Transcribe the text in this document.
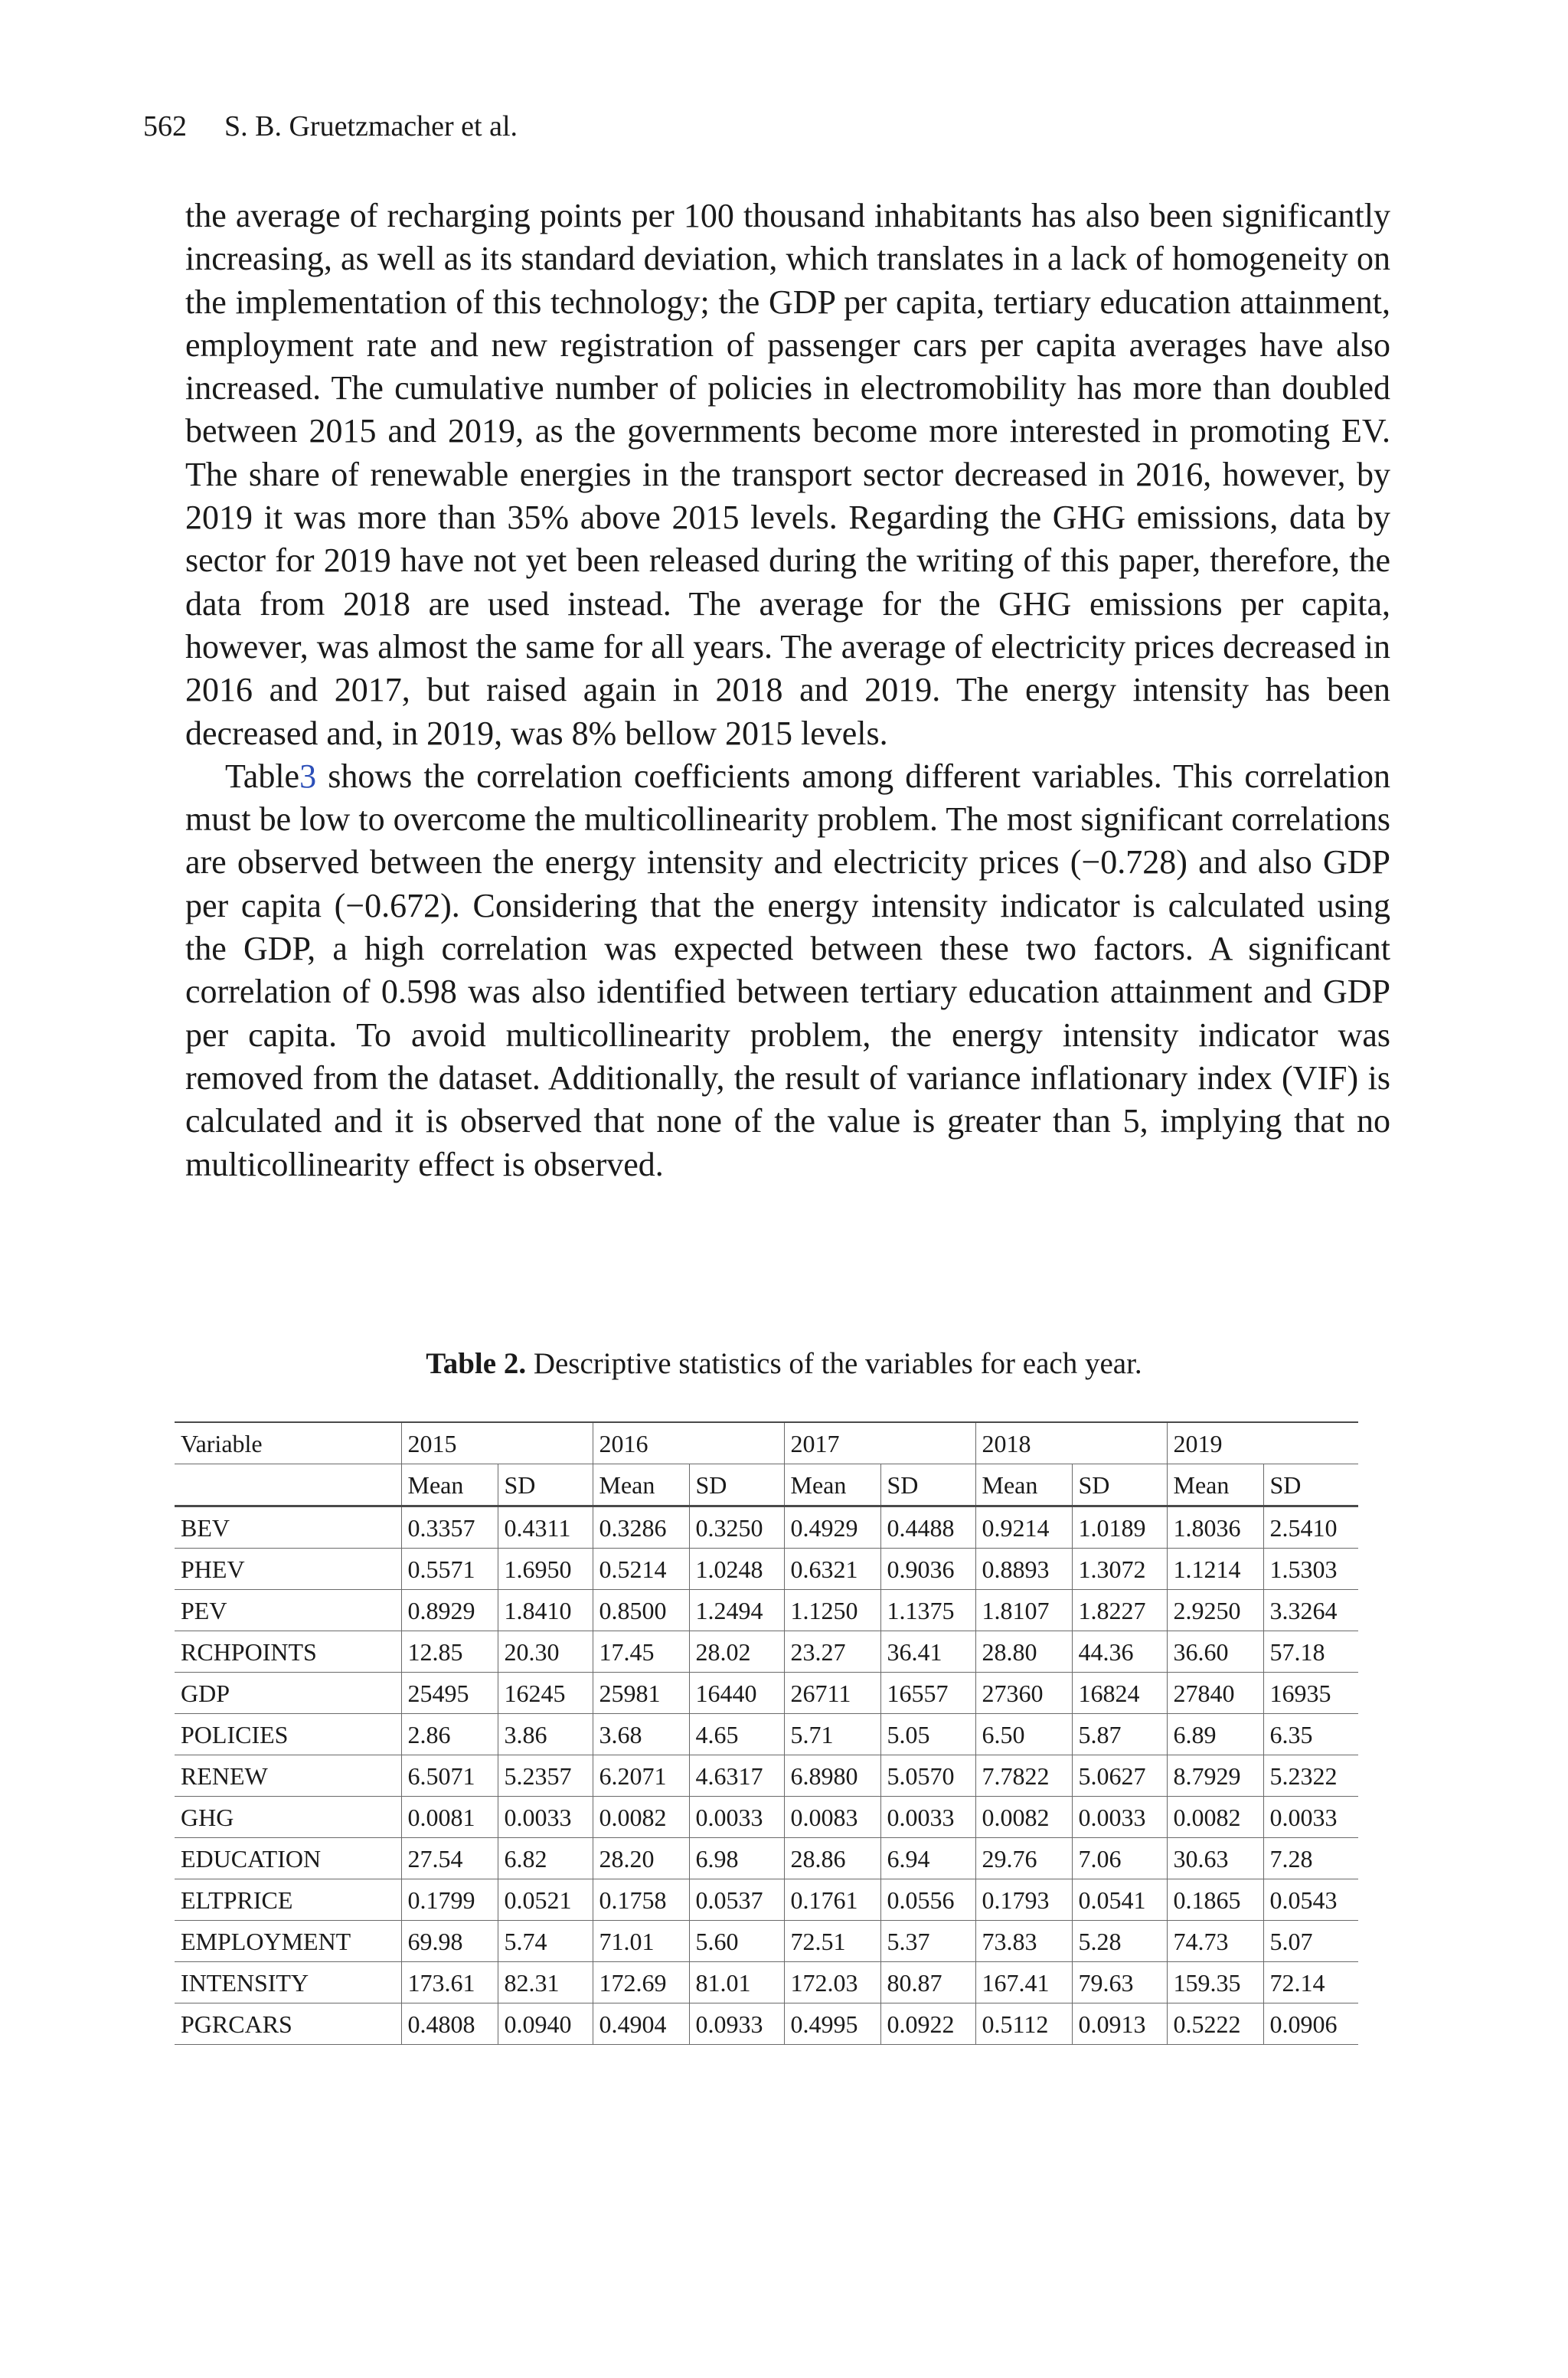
562 S. B. Gruetzmacher et al.

the average of recharging points per 100 thousand inhabitants has also been significantly increasing, as well as its standard deviation, which translates in a lack of homogeneity on the implementation of this technology; the GDP per capita, tertiary education attainment, employment rate and new registration of passenger cars per capita averages have also increased. The cumulative number of policies in electromobility has more than doubled between 2015 and 2019, as the governments become more interested in promoting EV. The share of renewable energies in the transport sector decreased in 2016, however, by 2019 it was more than 35% above 2015 levels. Regarding the GHG emissions, data by sector for 2019 have not yet been released during the writing of this paper, therefore, the data from 2018 are used instead. The average for the GHG emissions per capita, however, was almost the same for all years. The average of electricity prices decreased in 2016 and 2017, but raised again in 2018 and 2019. The energy intensity has been decreased and, in 2019, was 8% bellow 2015 levels.

Table3 shows the correlation coefficients among different variables. This correlation must be low to overcome the multicollinearity problem. The most significant correlations are observed between the energy intensity and electricity prices (−0.728) and also GDP per capita (−0.672). Considering that the energy intensity indicator is calculated using the GDP, a high correlation was expected between these two factors. A significant correlation of 0.598 was also identified between tertiary education attainment and GDP per capita. To avoid multicollinearity problem, the energy intensity indicator was removed from the dataset. Additionally, the result of variance inflationary index (VIF) is calculated and it is observed that none of the value is greater than 5, implying that no multicollinearity effect is observed.

Table 2. Descriptive statistics of the variables for each year.
Variable	2015		2016		2017		2018		2019	
	Mean	SD	Mean	SD	Mean	SD	Mean	SD	Mean	SD
BEV	0.3357	0.4311	0.3286	0.3250	0.4929	0.4488	0.9214	1.0189	1.8036	2.5410
PHEV	0.5571	1.6950	0.5214	1.0248	0.6321	0.9036	0.8893	1.3072	1.1214	1.5303
PEV	0.8929	1.8410	0.8500	1.2494	1.1250	1.1375	1.8107	1.8227	2.9250	3.3264
RCHPOINTS	12.85	20.30	17.45	28.02	23.27	36.41	28.80	44.36	36.60	57.18
GDP	25495	16245	25981	16440	26711	16557	27360	16824	27840	16935
POLICIES	2.86	3.86	3.68	4.65	5.71	5.05	6.50	5.87	6.89	6.35
RENEW	6.5071	5.2357	6.2071	4.6317	6.8980	5.0570	7.7822	5.0627	8.7929	5.2322
GHG	0.0081	0.0033	0.0082	0.0033	0.0083	0.0033	0.0082	0.0033	0.0082	0.0033
EDUCATION	27.54	6.82	28.20	6.98	28.86	6.94	29.76	7.06	30.63	7.28
ELTPRICE	0.1799	0.0521	0.1758	0.0537	0.1761	0.0556	0.1793	0.0541	0.1865	0.0543
EMPLOYMENT	69.98	5.74	71.01	5.60	72.51	5.37	73.83	5.28	74.73	5.07
INTENSITY	173.61	82.31	172.69	81.01	172.03	80.87	167.41	79.63	159.35	72.14
PGRCARS	0.4808	0.0940	0.4904	0.0933	0.4995	0.0922	0.5112	0.0913	0.5222	0.0906
